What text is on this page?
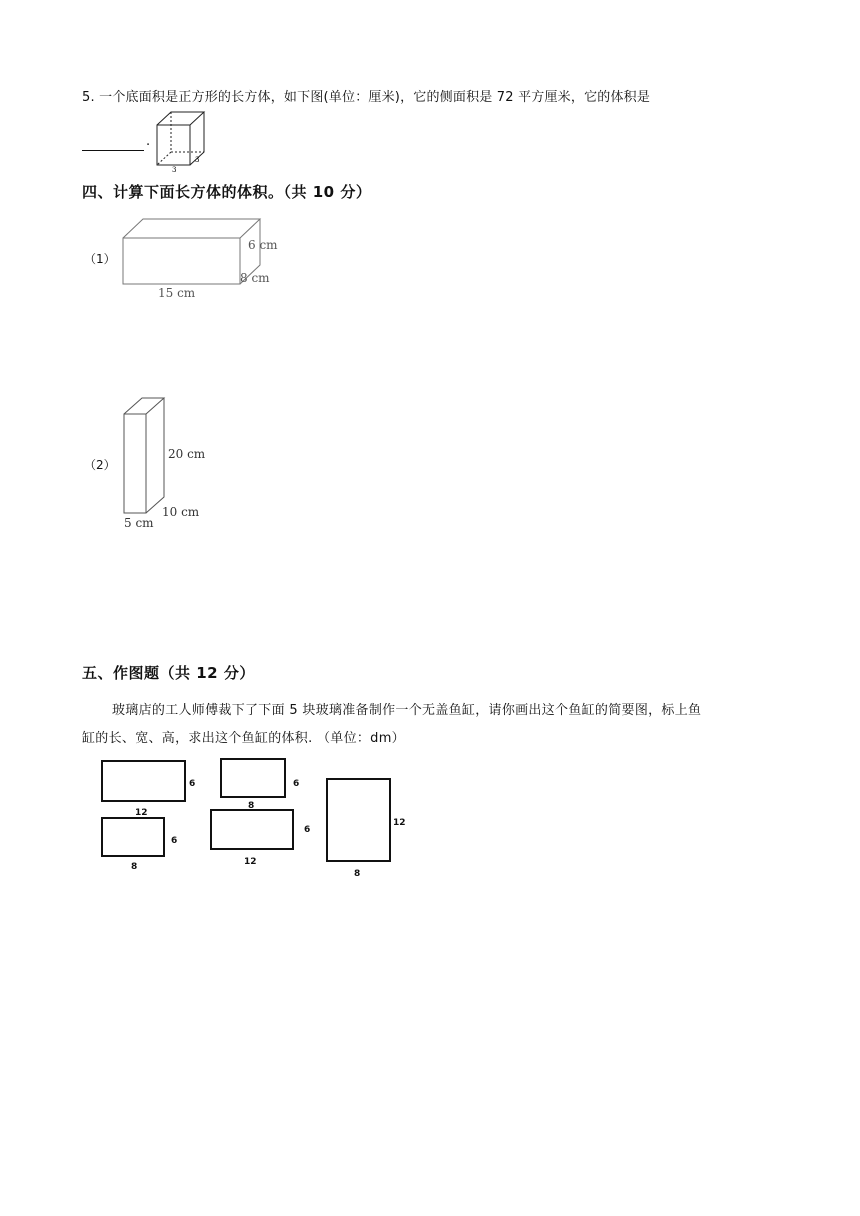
5. 一个底面积是正方形的长方体，如下图(单位：厘米)，它的侧面积是 72 平方厘米，它的体积是
.
3
3
四、计算下面长方体的体积。（共 10 分）
（1）
6 cm
8 cm
15 cm
（2）
20 cm
10 cm
5 cm
五、作图题（共 12 分）
玻璃店的工人师傅裁下了下面 5 块玻璃准备制作一个无盖鱼缸，请你画出这个鱼缸的简要图，标上鱼
缸的长、宽、高，求出这个鱼缸的体积. （单位：dm）
12
6
8
6
8
6
12
6
8
12
